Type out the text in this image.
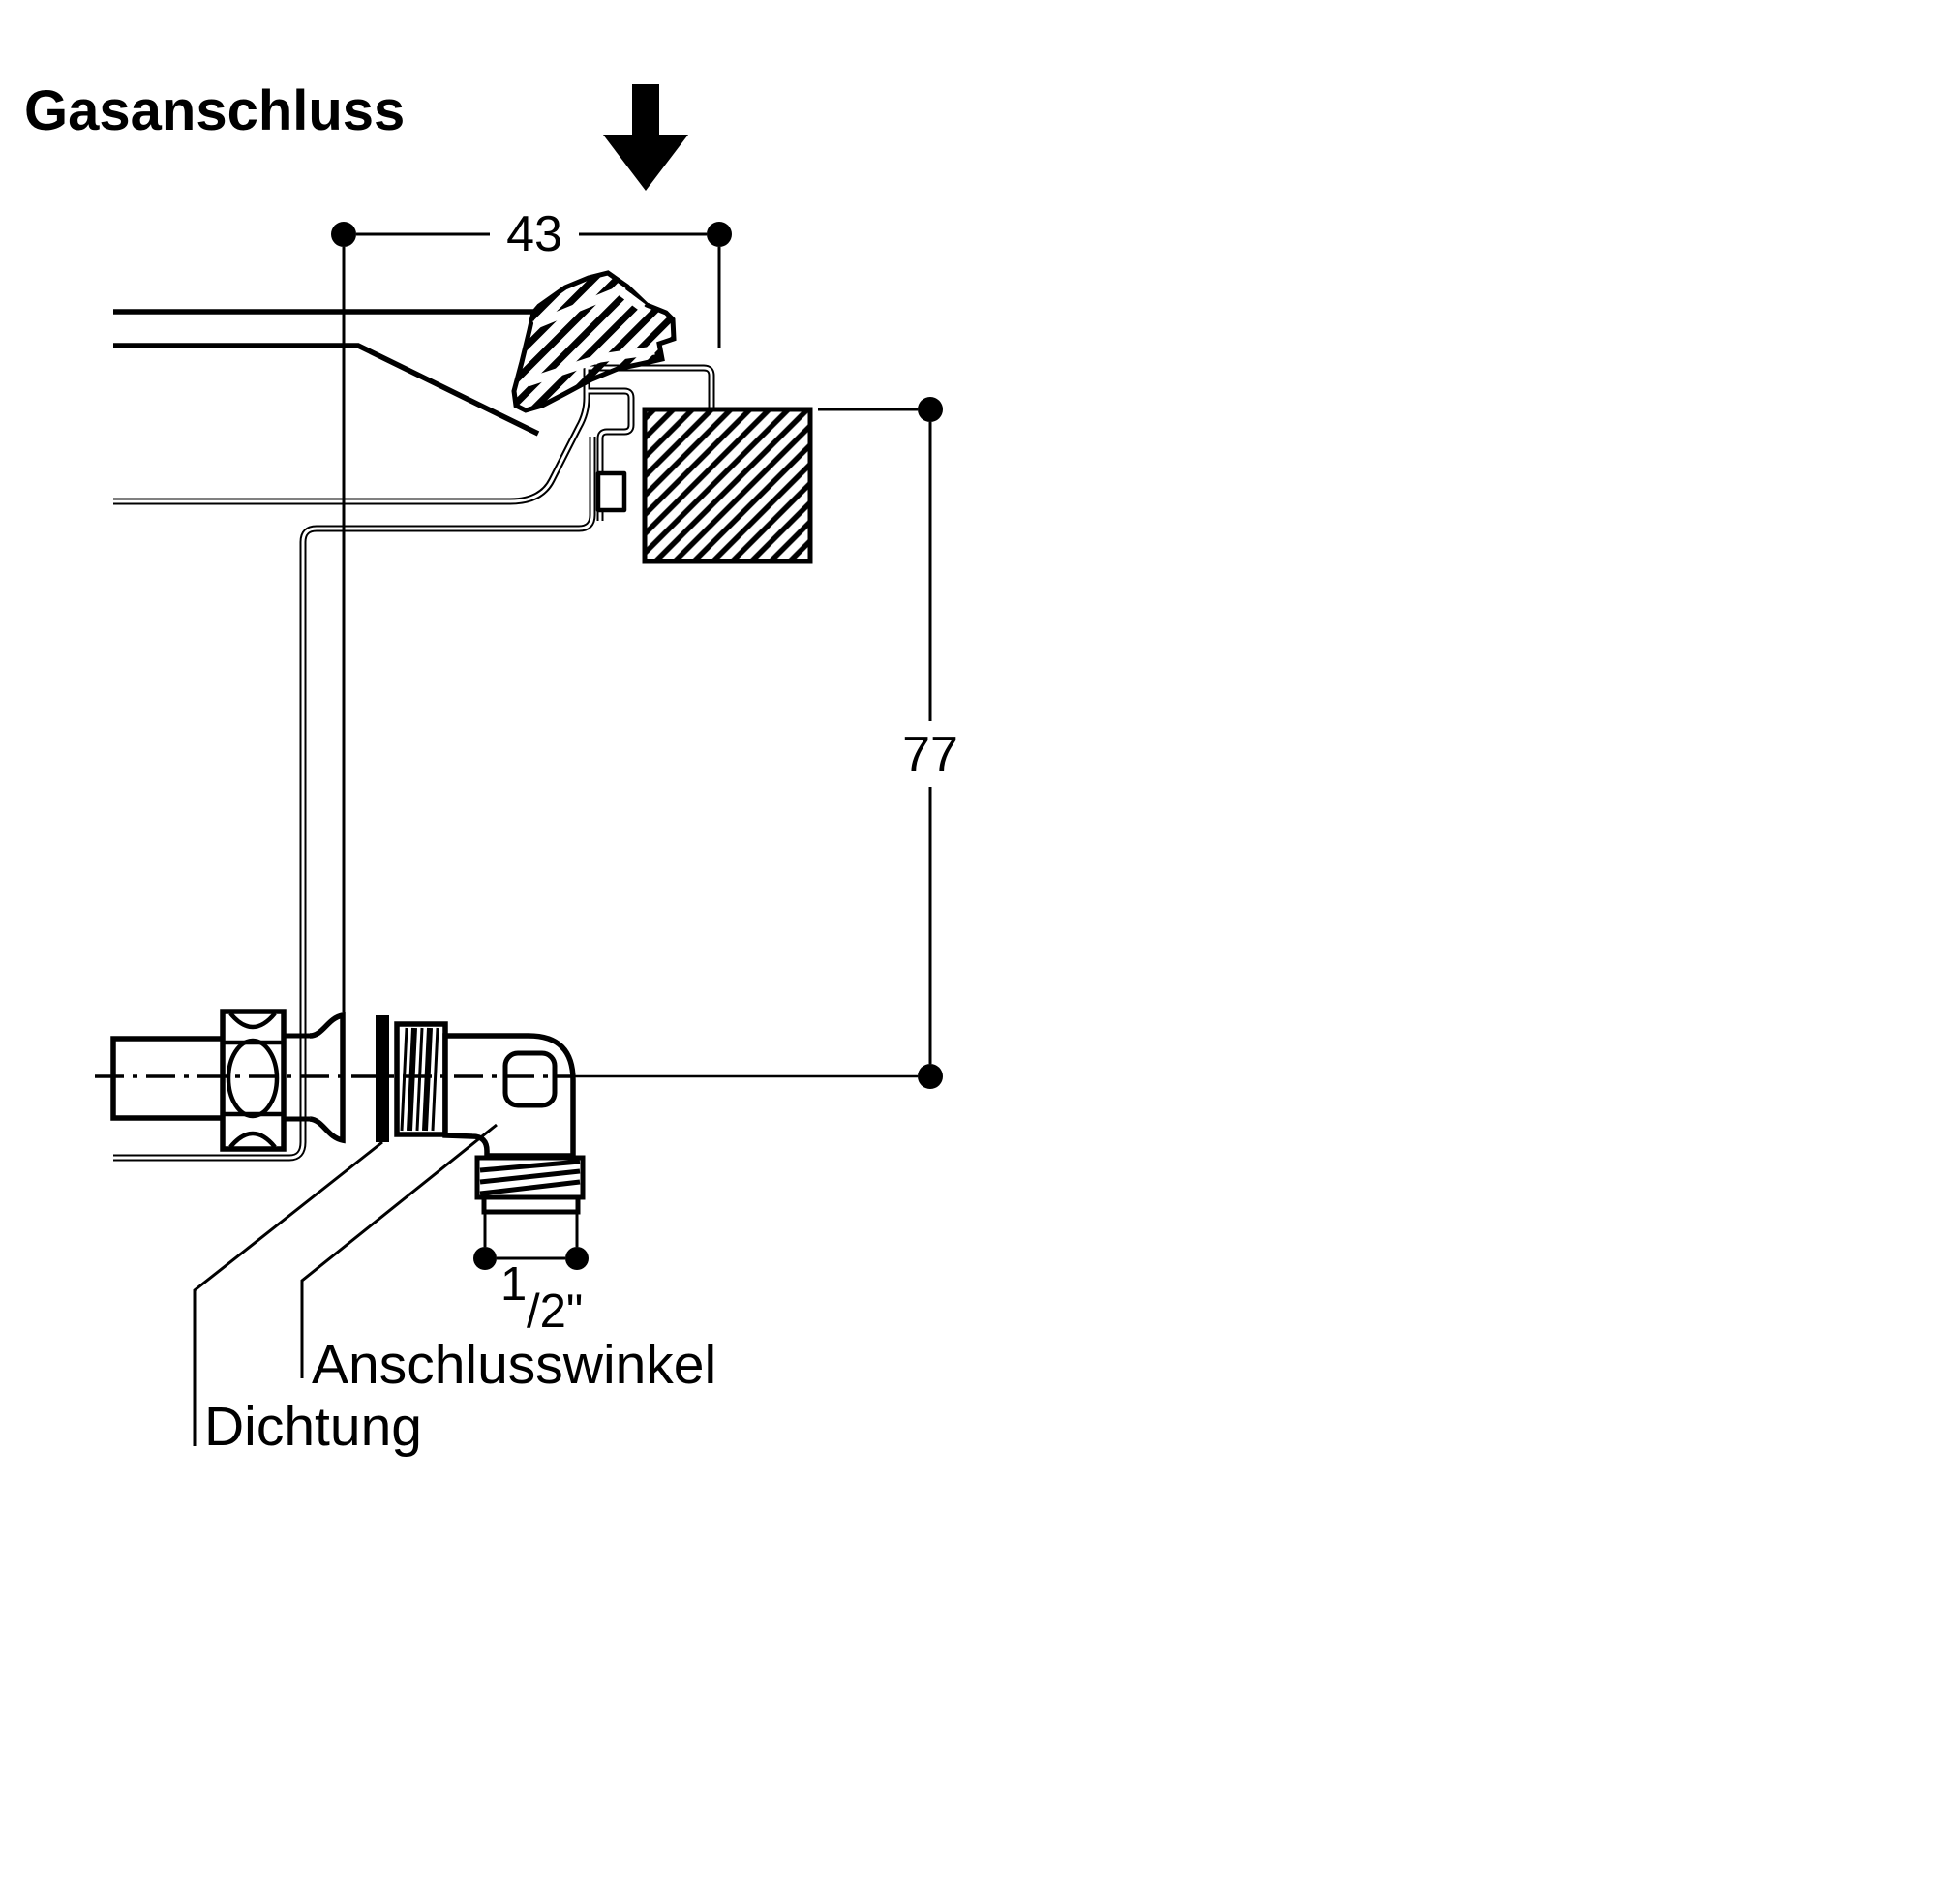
43
77
1
/2"
Gasanschluss
Anschlusswinkel
Dichtung
